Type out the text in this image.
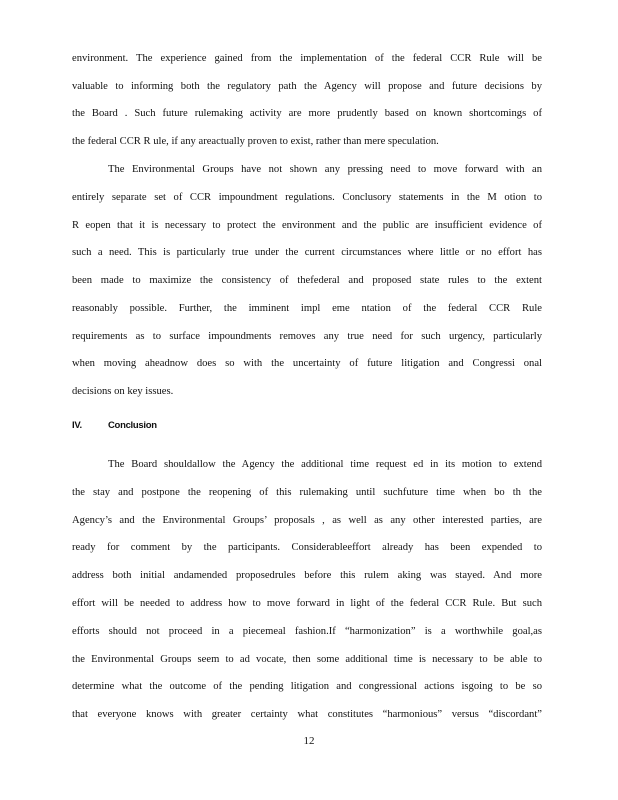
environment. The experience gained from the implementation of the federal CCR Rule will be
valuable to informing both the regulatory path the Agency will propose and future decisions by
the Board . Such future rulemaking activity are more prudently based on known shortcomings of
the federal CCR R ule, if any areactually proven to exist, rather than mere speculation.
The Environmental Groups have not shown any pressing need to move forward with an
entirely separate set of CCR impoundment regulations. Conclusory statements in the M otion to
R eopen that it is necessary to protect the environment and the public are insufficient evidence of
such a need. This is particularly true under the current circumstances where little or no effort has
been made to maximize the consistency of thefederal and proposed state rules to the extent
reasonably possible. Further, the imminent impl eme ntation of the federal CCR Rule
requirements as to surface impoundments removes any true need for such urgency, particularly
when moving aheadnow does so with the uncertainty of future litigation and Congressi onal
decisions on key issues.
IV.	Conclusion
The Board shouldallow the Agency the additional time request ed in its motion to extend
the stay and postpone the reopening of this rulemaking until suchfuture time when bo th the
Agency’s and the Environmental Groups’ proposals , as well as any other interested parties, are
ready for comment by the participants. Considerableeffort already has been expended to
address both initial andamended proposedrules before this rulem aking was stayed. And more
effort will be needed to address how to move forward in light of the federal CCR Rule. But such
efforts should not proceed in a piecemeal fashion.If “harmonization” is a worthwhile goal,as
the Environmental Groups seem to ad vocate, then some additional time is necessary to be able to
determine what the outcome of the pending litigation and congressional actions isgoing to be so
that everyone knows with greater certainty what constitutes “harmonious” versus “discordant”
12
